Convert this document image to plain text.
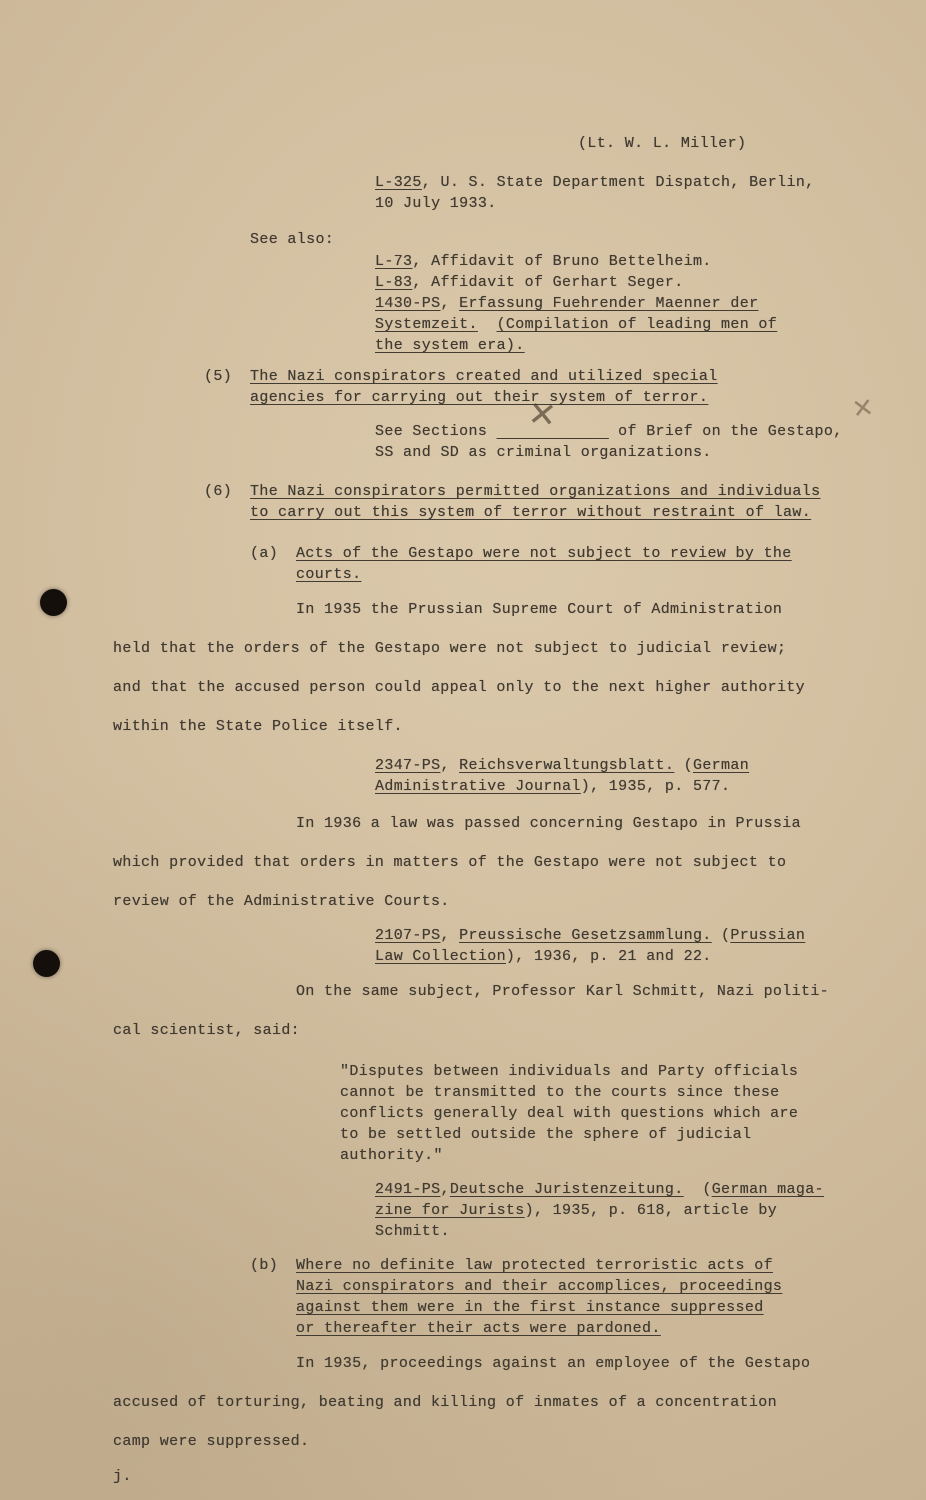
✕	✕
(Lt. W. L. Miller)
L-325, U. S. State Department Dispatch, Berlin,
10 July 1933.
See also:
L-73, Affidavit of Bruno Bettelheim.
L-83, Affidavit of Gerhart Seger.
1430-PS, Erfassung Fuehrender Maenner der
Systemzeit. (Compilation of leading men of
the system era).
(5) The Nazi conspirators created and utilized special
agencies for carrying out their system of terror.
See Sections	of Brief on the Gestapo,
SS and SD as criminal organizations.
(6) The Nazi conspirators permitted organizations and individuals
to carry out this system of terror without restraint of law.
(a) Acts of the Gestapo were not subject to review by the
courts.
In 1935 the Prussian Supreme Court of Administration
held that the orders of the Gestapo were not subject to judicial review;
and that the accused person could appeal only to the next higher authority
within the State Police itself.
2347-PS, Reichsverwaltungsblatt. (German
Administrative Journal), 1935, p. 577.
In 1936 a law was passed concerning Gestapo in Prussia
which provided that orders in matters of the Gestapo were not subject to
review of the Administrative Courts.
2107-PS, Preussische Gesetzsammlung. (Prussian
Law Collection), 1936, p. 21 and 22.
On the same subject, Professor Karl Schmitt, Nazi politi-
cal scientist, said:
"Disputes between individuals and Party officials
cannot be transmitted to the courts since these
conflicts generally deal with questions which are
to be settled outside the sphere of judicial
authority."
2491-PS,Deutsche Juristenzeitung.  (German maga-
zine for Jurists), 1935, p. 618, article by
Schmitt.
(b) Where no definite law protected terroristic acts of
Nazi conspirators and their accomplices, proceedings
against them were in the first instance suppressed
or thereafter their acts were pardoned.
In 1935, proceedings against an employee of the Gestapo
accused of torturing, beating and killing of inmates of a concentration
camp were suppressed.
j.
